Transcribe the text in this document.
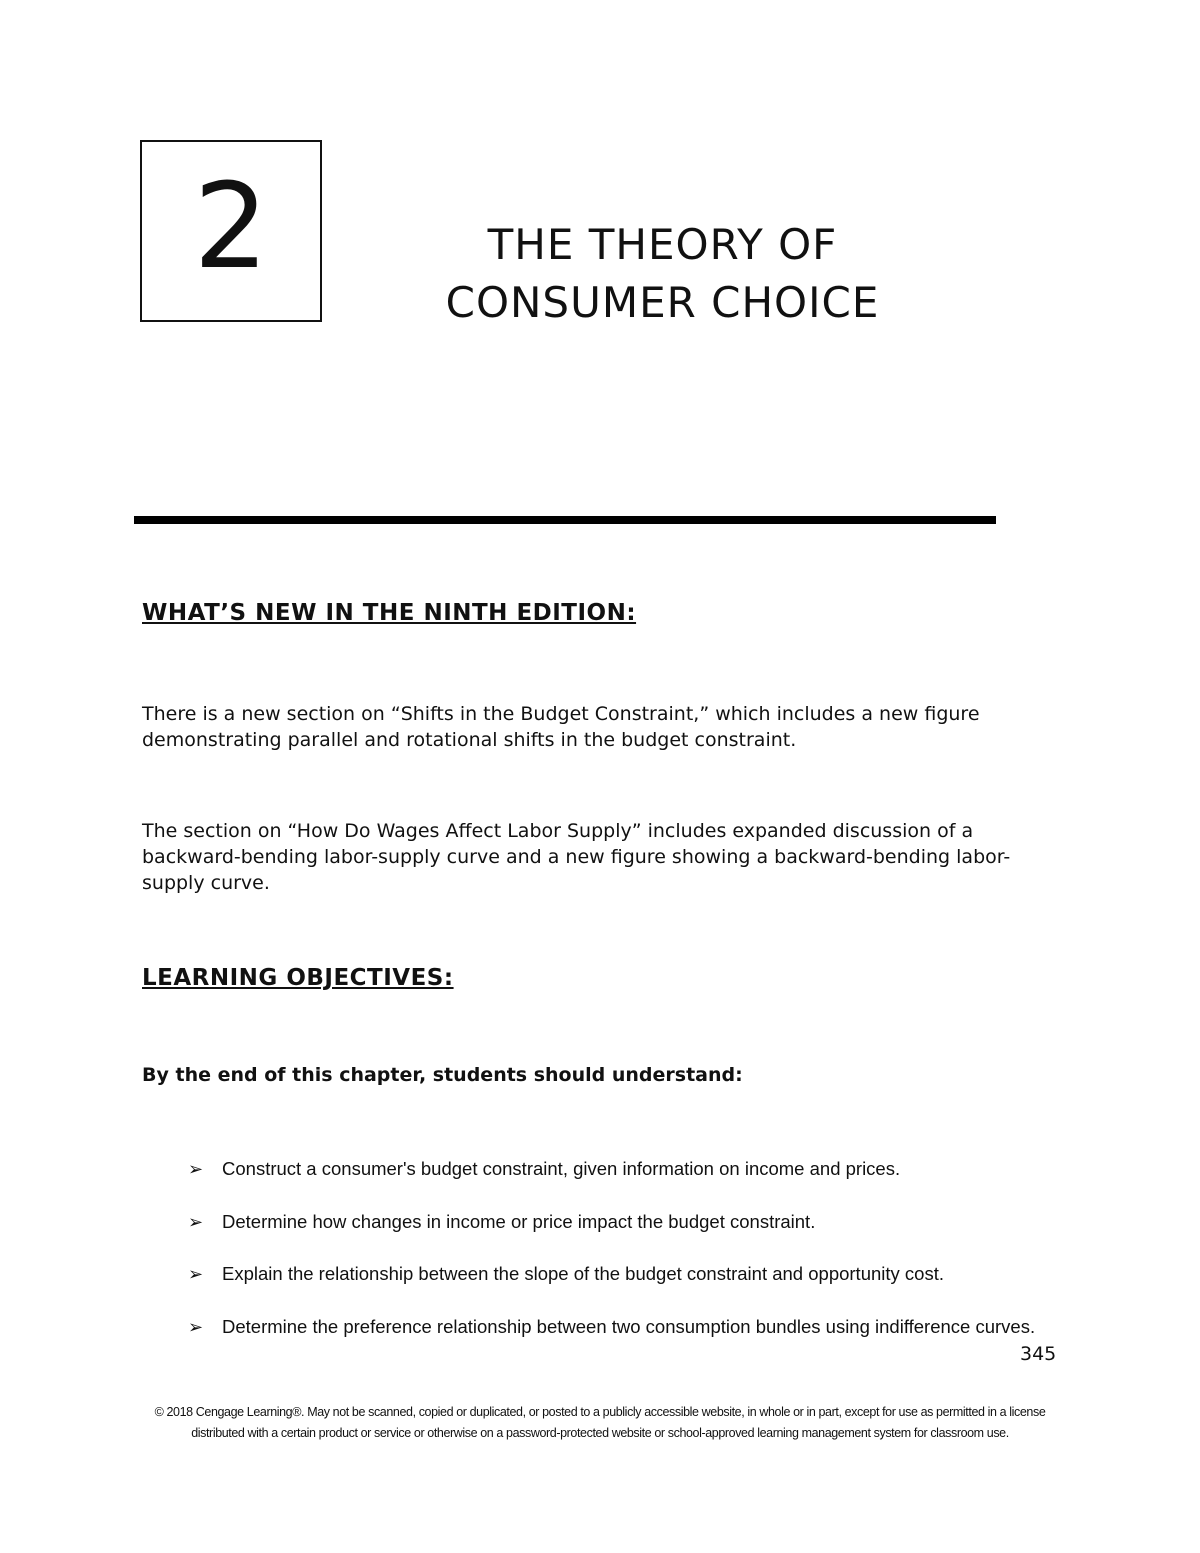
2	THE THEORY OF
CONSUMER CHOICE
WHAT’S NEW IN THE NINTH EDITION:

There is a new section on “Shifts in the Budget Constraint,” which includes a new figure demonstrating parallel and rotational shifts in the budget constraint.

The section on “How Do Wages Affect Labor Supply” includes expanded discussion of a backward-bending labor-supply curve and a new figure showing a backward-bending labor-supply curve.

LEARNING OBJECTIVES:

By the end of this chapter, students should understand:

➢	Construct a consumer's budget constraint, given information on income and prices.
➢	Determine how changes in income or price impact the budget constraint.
➢	Explain the relationship between the slope of the budget constraint and opportunity cost.
➢	Determine the preference relationship between two consumption bundles using indifference curves.
345

© 2018 Cengage Learning®. May not be scanned, copied or duplicated, or posted to a publicly accessible website, in whole or in part, except for use as permitted in a license distributed with a certain product or service or otherwise on a password-protected website or school-approved learning management system for classroom use.
